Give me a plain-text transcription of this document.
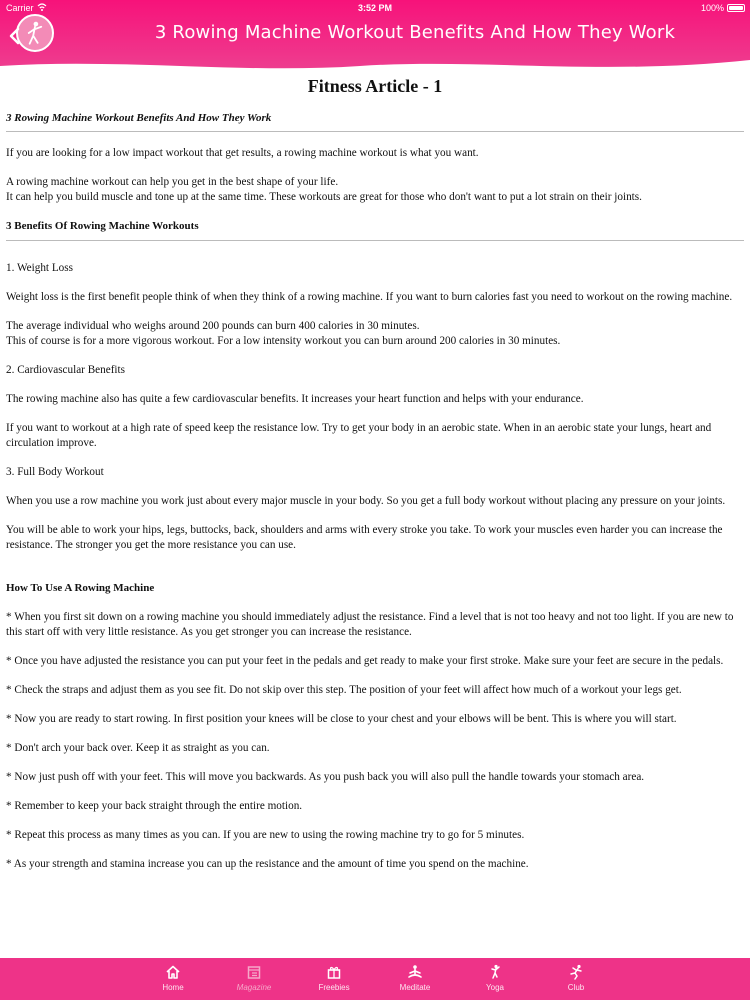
Carrier	3:52 PM	100%
3 Rowing Machine Workout Benefits And How They Work
Fitness Article - 1
3 Rowing Machine Workout Benefits And How They Work

If you are looking for a low impact workout that get results, a rowing machine workout is what you want.

A rowing machine workout can help you get in the best shape of your life.
It can help you build muscle and tone up at the same time. These workouts are great for those who don't want to put a lot strain on their joints.

3 Benefits Of Rowing Machine Workouts

1. Weight Loss

Weight loss is the first benefit people think of when they think of a rowing machine. If you want to burn calories fast you need to workout on the rowing machine.

The average individual who weighs around 200 pounds can burn 400 calories in 30 minutes.
This of course is for a more vigorous workout. For a low intensity workout you can burn around 200 calories in 30 minutes.

2. Cardiovascular Benefits

The rowing machine also has quite a few cardiovascular benefits. It increases your heart function and helps with your endurance.

If you want to workout at a high rate of speed keep the resistance low. Try to get your body in an aerobic state. When in an aerobic state your lungs, heart and circulation improve.

3. Full Body Workout

When you use a row machine you work just about every major muscle in your body. So you get a full body workout without placing any pressure on your joints.

You will be able to work your hips, legs, buttocks, back, shoulders and arms with every stroke you take. To work your muscles even harder you can increase the resistance. The stronger you get the more resistance you can use.

How To Use A Rowing Machine

* When you first sit down on a rowing machine you should immediately adjust the resistance. Find a level that is not too heavy and not too light. If you are new to this start off with very little resistance. As you get stronger you can increase the resistance.

* Once you have adjusted the resistance you can put your feet in the pedals and get ready to make your first stroke. Make sure your feet are secure in the pedals.

* Check the straps and adjust them as you see fit. Do not skip over this step. The position of your feet will affect how much of a workout your legs get.

* Now you are ready to start rowing. In first position your knees will be close to your chest and your elbows will be bent. This is where you will start.

* Don't arch your back over. Keep it as straight as you can.

* Now just push off with your feet. This will move you backwards. As you push back you will also pull the handle towards your stomach area.

* Remember to keep your back straight through the entire motion.

* Repeat this process as many times as you can. If you are new to using the rowing machine try to go for 5 minutes.

* As your strength and stamina increase you can up the resistance and the amount of time you spend on the machine.

Home	Magazine	Freebies	Meditate	Yoga	Club
